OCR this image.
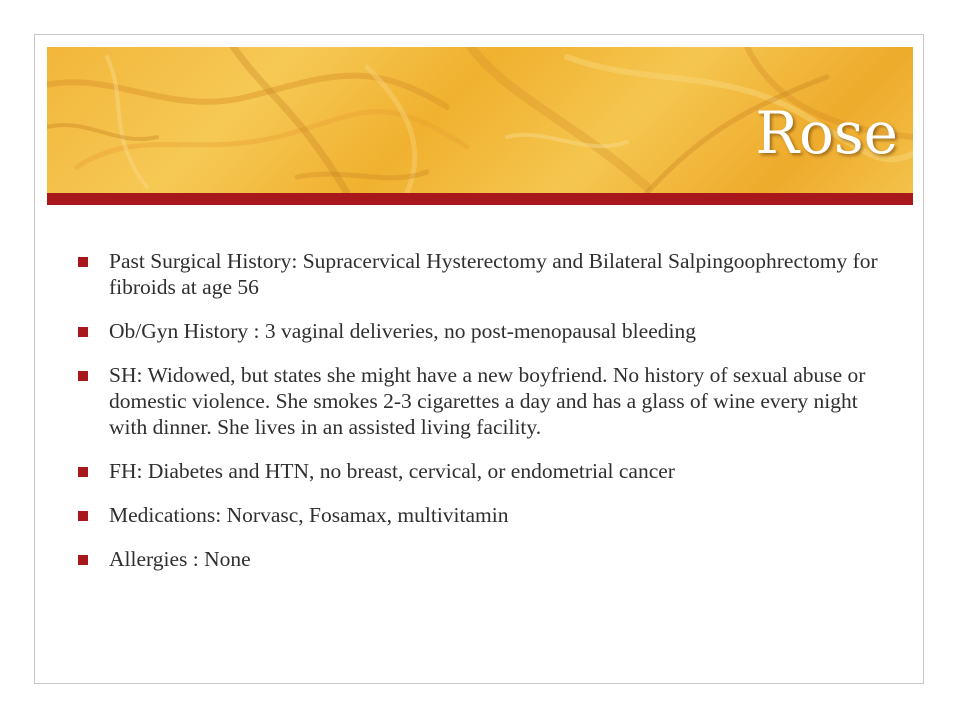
Rose
Past Surgical History: Supracervical Hysterectomy and Bilateral Salpingoophrectomy for fibroids at age 56
Ob/Gyn History : 3 vaginal deliveries, no post-menopausal bleeding
SH: Widowed, but states she might have a new boyfriend. No history of sexual abuse or domestic violence. She smokes 2-3 cigarettes a day and has a glass of wine every night with dinner. She lives in an assisted living facility.
FH: Diabetes and HTN, no breast, cervical, or endometrial cancer
Medications: Norvasc, Fosamax, multivitamin
Allergies : None
